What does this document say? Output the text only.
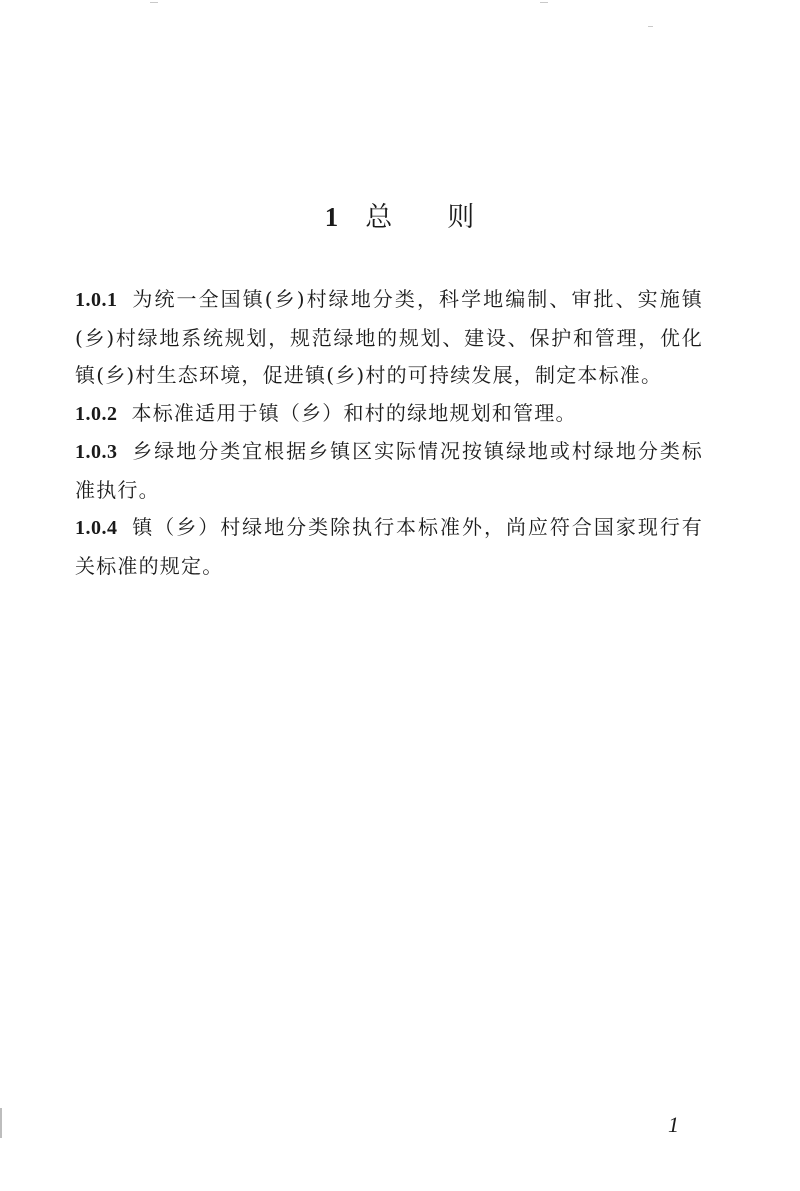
1 总 则

1.0.1 为统一全国镇(乡)村绿地分类，科学地编制、审批、实施镇(乡)村绿地系统规划，规范绿地的规划、建设、保护和管理，优化镇(乡)村生态环境，促进镇(乡)村的可持续发展，制定本标准。

1.0.2 本标准适用于镇（乡）和村的绿地规划和管理。

1.0.3 乡绿地分类宜根据乡镇区实际情况按镇绿地或村绿地分类标准执行。

1.0.4 镇（乡）村绿地分类除执行本标准外，尚应符合国家现行有关标准的规定。

1
